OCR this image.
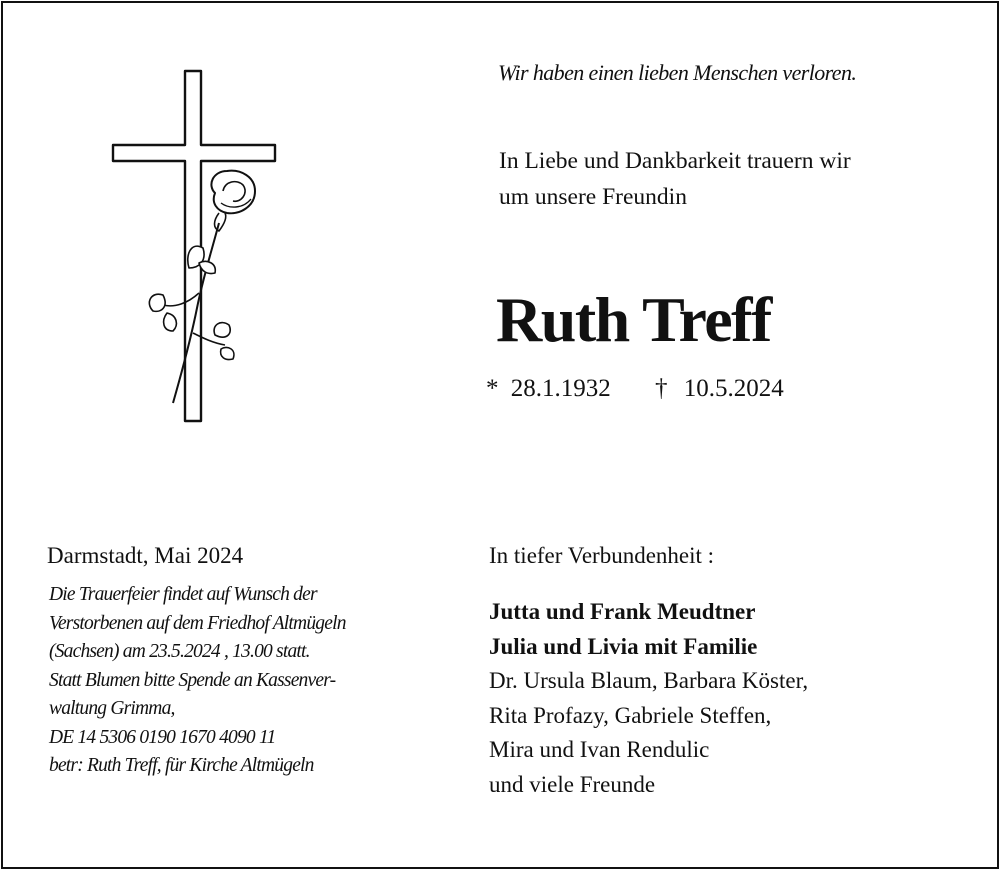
Wir haben einen lieben Menschen verloren.
In Liebe und Dankbarkeit trauern wir
um unsere Freundin
Ruth Treff
* 28.1.1932 † 10.5.2024
Darmstadt, Mai 2024
Die Trauerfeier findet auf Wunsch der
Verstorbenen auf dem Friedhof Altmügeln
(Sachsen) am 23.5.2024 , 13.00 statt.
Statt Blumen bitte Spende an Kassenver-
waltung Grimma,
DE 14 5306 0190 1670 4090 11
betr: Ruth Treff, für Kirche Altmügeln
In tiefer Verbundenheit :
Jutta und Frank Meudtner
Julia und Livia mit Familie
Dr. Ursula Blaum, Barbara Köster,
Rita Profazy, Gabriele Steffen,
Mira und Ivan Rendulic
und viele Freunde
